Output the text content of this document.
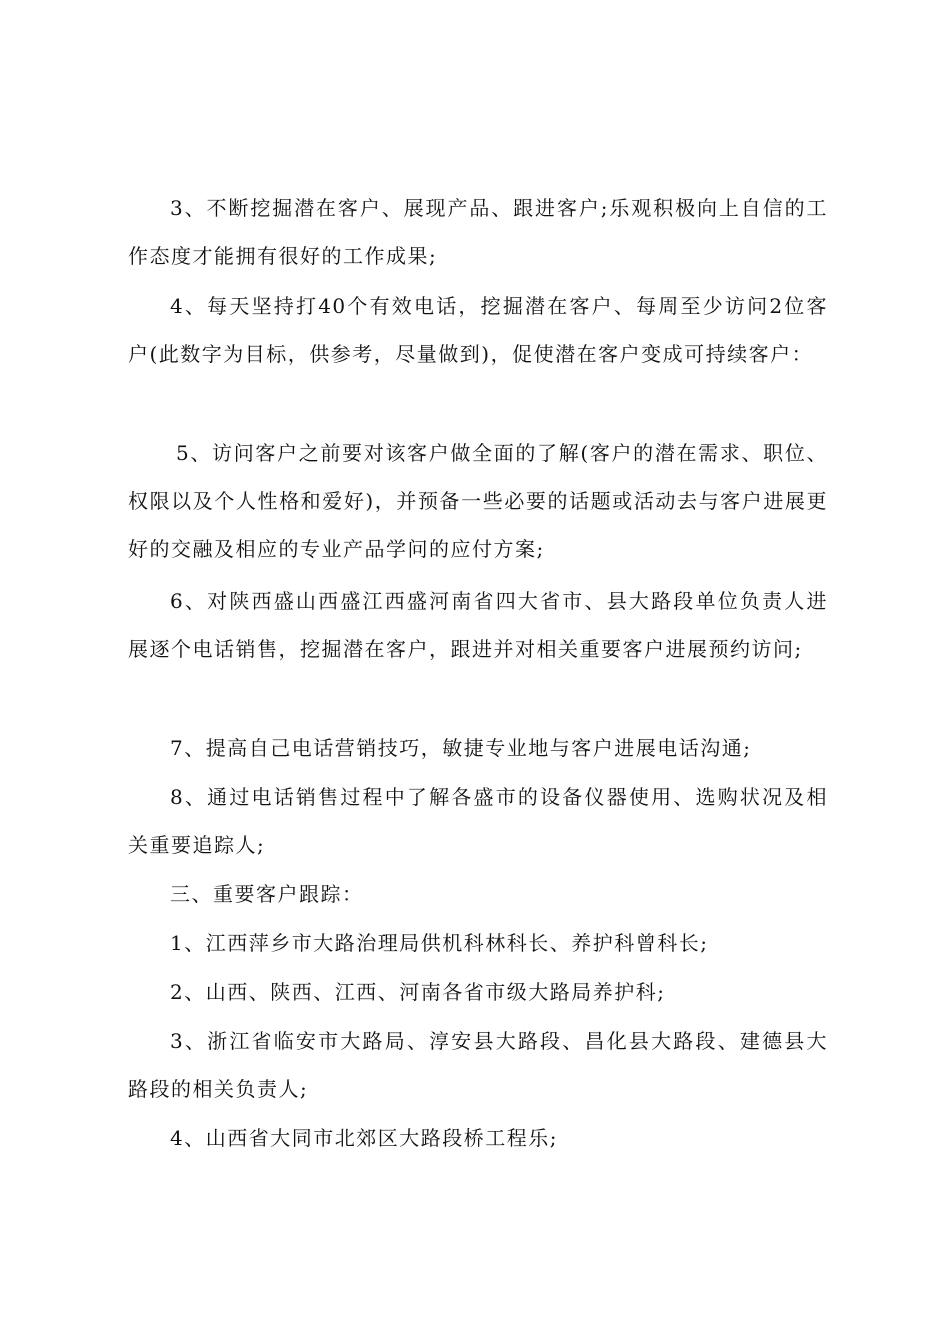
3、不断挖掘潜在客户、展现产品、跟进客户;乐观积极向上自信的工作态度才能拥有很好的工作成果;

4、每天坚持打40个有效电话，挖掘潜在客户、每周至少访问2位客户(此数字为目标，供参考，尽量做到)，促使潜在客户变成可持续客户：

5、访问客户之前要对该客户做全面的了解(客户的潜在需求、职位、权限以及个人性格和爱好)，并预备一些必要的话题或活动去与客户进展更好的交融及相应的专业产品学问的应付方案;

6、对陕西盛山西盛江西盛河南省四大省市、县大路段单位负责人进展逐个电话销售，挖掘潜在客户，跟进并对相关重要客户进展预约访问;

7、提高自己电话营销技巧，敏捷专业地与客户进展电话沟通;

8、通过电话销售过程中了解各盛市的设备仪器使用、选购状况及相关重要追踪人;

三、重要客户跟踪：

1、江西萍乡市大路治理局供机科林科长、养护科曾科长;

2、山西、陕西、江西、河南各省市级大路局养护科;

3、浙江省临安市大路局、淳安县大路段、昌化县大路段、建德县大路段的相关负责人;

4、山西省大同市北郊区大路段桥工程乐;
